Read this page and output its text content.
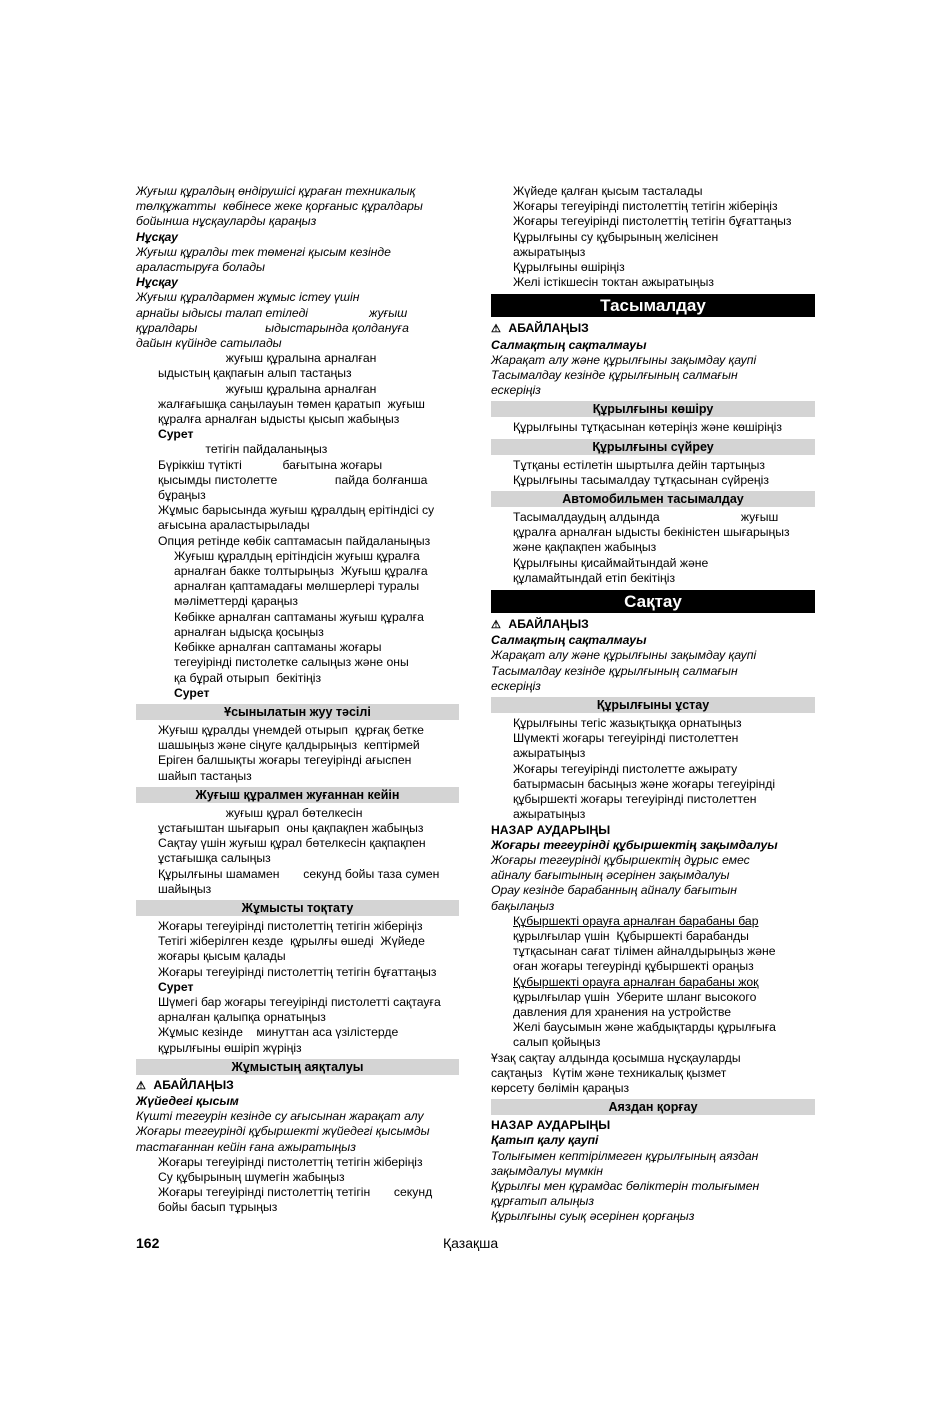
Жуғыш құралдың өндірушісі құраған техникалық
төлқұжатты  көбінесе жеке қорғаныс құралдары
бойынша нұсқауларды қараңыз
Нұсқау
Жуғыш құралды тек төменгі қысым кезінде
араластыруға болады
Нұсқау
Жуғыш құралдармен жұмыс істеу үшін
арнайы ыдысы талап етіледі                  жуғыш
құралдары                    ыдыстарында қолдануға
дайын күйінде сатылады
жуғыш құралына арналған
ыдыстың қақпағын алып тастаңыз
жуғыш құралына арналған
жалғағышқа саңылауын төмен қаратып  жуғыш
құралға арналған ыдысты қысып жабыңыз
Сурет
тетігін пайдаланыңыз
Бүріккіш түтікті            бағытына жоғары
қысымды пистолетте                 пайда болғанша
бұраңыз
Жұмыс барысында жуғыш құралдың ерітіндісі су
ағысына араластырылады
Опция ретінде көбік саптамасын пайдаланыңыз
Жуғыш құралдың ерітіндісін жуғыш құралға
арналған бакке толтырыңыз  Жуғыш құралға
арналған қаптамадағы мөлшерлері туралы
мәліметтерді қараңыз
Көбікке арналған саптаманы жуғыш құралға
арналған ыдысқа қосыңыз
Көбікке арналған саптаманы жоғары
тегеуірінді пистолетке салыңыз және оны
қа бұрай отырып  бекітіңіз
Сурет
Ұсынылатын жуу тәсілі
Жуғыш құралды үнемдей отырып  құрғақ бетке
шашыңыз және сіңуге қалдырыңыз  кептірмей
Еріген балшықты жоғары тегеуірінді ағыспен
шайып тастаңыз
Жуғыш құралмен жуғаннан кейін
жуғыш құрал бөтелкесін
ұстағыштан шығарып  оны қақпақпен жабыңыз
Сақтау үшін жуғыш құрал бөтелкесін қақпақпен
ұстағышқа салыңыз
Құрылғыны шамамен       секунд бойы таза сумен
шайыңыз
Жұмысты тоқтату
Жоғары тегеуірінді пистолеттің тетігін жіберіңіз
Тетігі жіберілген кезде  құрылғы өшеді  Жүйеде
жоғары қысым қалады
Жоғары тегеуірінді пистолеттің тетігін бұғаттаңыз
Сурет
Шүмегі бар жоғары тегеуірінді пистолетті сақтауға
арналған қалыпқа орнатыңыз
Жұмыс кезінде    минуттан аса үзілістерде
құрылғыны өшіріп жүріңіз
Жұмыстың аяқталуы
⚠ АБАЙЛАҢЫЗ
Жүйедегі қысым
Күшті тегеурін кезінде су ағысынан жарақат алу
Жоғары тегеурінді құбыршекті жүйедегі қысымды
тастағаннан кейін ғана ажыратыңыз
Жоғары тегеуірінді пистолеттің тетігін жіберіңіз
Су құбырының шүмегін жабыңыз
Жоғары тегеуірінді пистолеттің тетігін       секунд
бойы басып тұрыңыз
Жүйеде қалған қысым тасталады
Жоғары тегеуірінді пистолеттің тетігін жіберіңіз
Жоғары тегеуірінді пистолеттің тетігін бұғаттаңыз
Құрылғыны су құбырының желісінен
ажыратыңыз
Құрылғыны өшіріңіз
Желі істікшесін токтан ажыратыңыз
Тасымалдау
⚠ АБАЙЛАҢЫЗ
Салмақтың сақталмауы
Жарақат алу және құрылғыны зақымдау қаупі
Тасымалдау кезінде құрылғының салмағын
ескеріңіз
Құрылғыны көшіру
Құрылғыны тұтқасынан көтеріңіз және көшіріңіз
Құрылғыны сүйреу
Тұтқаны естілетін шыртылға дейін тартыңыз
Құрылғыны тасымалдау тұтқасынан сүйреңіз
Автомобильмен тасымалдау
Тасымалдаудың алдында                        жуғыш
құралға арналған ыдысты бекіністен шығарыңыз
және қақпақпен жабыңыз
Құрылғыны қисаймайтындай және
құламайтындай етіп бекітіңіз
Сақтау
⚠ АБАЙЛАҢЫЗ
Салмақтың сақталмауы
Жарақат алу және құрылғыны зақымдау қаупі
Тасымалдау кезінде құрылғының салмағын
ескеріңіз
Құрылғыны ұстау
Құрылғыны тегіс жазықтыққа орнатыңыз
Шүмекті жоғары тегеуірінді пистолеттен
ажыратыңыз
Жоғары тегеуірінді пистолетте ажырату
батырмасын басыңыз және жоғары тегеуірінді
құбыршекті жоғары тегеуірінді пистолеттен
ажыратыңыз
НАЗАР АУДАРЫҢЫ
Жоғары тегеурінді құбыршектің зақымдалуы
Жоғары тегеурінді құбыршектің дұрыс емес
айналу бағытының әсерінен зақымдалуы
Орау кезінде барабанның айналу бағытын
бақылаңыз
Құбыршекті орауға арналған барабаны бар
құрылғылар үшін  Құбыршекті барабанды
тұтқасынан сағат тілімен айналдырыңыз және
оған жоғары тегеурінді құбыршекті ораңыз
Құбыршекті орауға арналған барабаны жоқ
құрылғылар үшін  Уберите шланг высокого
давления для хранения на устройстве
Желі баусымын және жабдықтарды құрылғыға
салып қойыңыз
Ұзақ сақтау алдында қосымша нұсқауларды
сақтаңыз   Күтім және техникалық қызмет
көрсету бөлімін қараңыз
Аяздан қорғау
НАЗАР АУДАРЫҢЫ
Қатып қалу қаупі
Толығымен кептірілмеген құрылғының аяздан
зақымдалуы мүмкін
Құрылғы мен құрамдас бөліктерін толығымен
құрғатып алыңыз
Құрылғыны суық әсерінен қорғаңыз
162	Қазақша
